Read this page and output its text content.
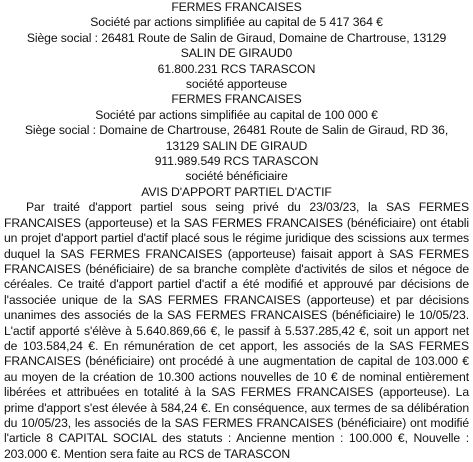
FERMES FRANCAISES
Société par actions simplifiée au capital de 5 417 364 €
Siège social : 26481 Route de Salin de Giraud, Domaine de Chartrouse, 13129
SALIN DE GIRAUD0
61.800.231 RCS TARASCON
société apporteuse
FERMES FRANCAISES
Société par actions simplifiée au capital de 100 000 €
Siège social : Domaine de Chartrouse, 26481 Route de Salin de Giraud, RD 36,
13129 SALIN DE GIRAUD
911.989.549 RCS TARASCON
société bénéficiaire
AVIS D'APPORT PARTIEL D'ACTIF

Par traité d'apport partiel sous seing privé du 23/03/23, la SAS FERMES FRANCAISES (apporteuse) et la SAS FERMES FRANCAISES (bénéficiaire) ont établi un projet d'apport partiel d'actif placé sous le régime juridique des scissions aux termes duquel la SAS FERMES FRANCAISES (apporteuse) faisait apport à SAS FERMES FRANCAISES (bénéficiaire) de sa branche complète d'activités de silos et négoce de céréales. Ce traité d'apport partiel d'actif a été modifié et approuvé par décisions de l'associée unique de la SAS FERMES FRANCAISES (apporteuse) et par décisions unanimes des associés de la SAS FERMES FRANCAISES (bénéficiaire) le 10/05/23. L'actif apporté s'élève à 5.640.869,66 €, le passif à 5.537.285,42 €, soit un apport net de 103.584,24 €. En rémunération de cet apport, les associés de la SAS FERMES FRANCAISES (bénéficiaire) ont procédé à une augmentation de capital de 103.000 € au moyen de la création de 10.300 actions nouvelles de 10 € de nominal entièrement libérées et attribuées en totalité à la SAS FERMES FRANCAISES (apporteuse). La prime d'apport s'est élevée à 584,24 €. En conséquence, aux termes de sa délibération du 10/05/23, les associés de la SAS FERMES FRANCAISES (bénéficiaire) ont modifié l'article 8 CAPITAL SOCIAL des statuts : Ancienne mention : 100.000 €, Nouvelle : 203.000 €. Mention sera faite au RCS de TARASCON
